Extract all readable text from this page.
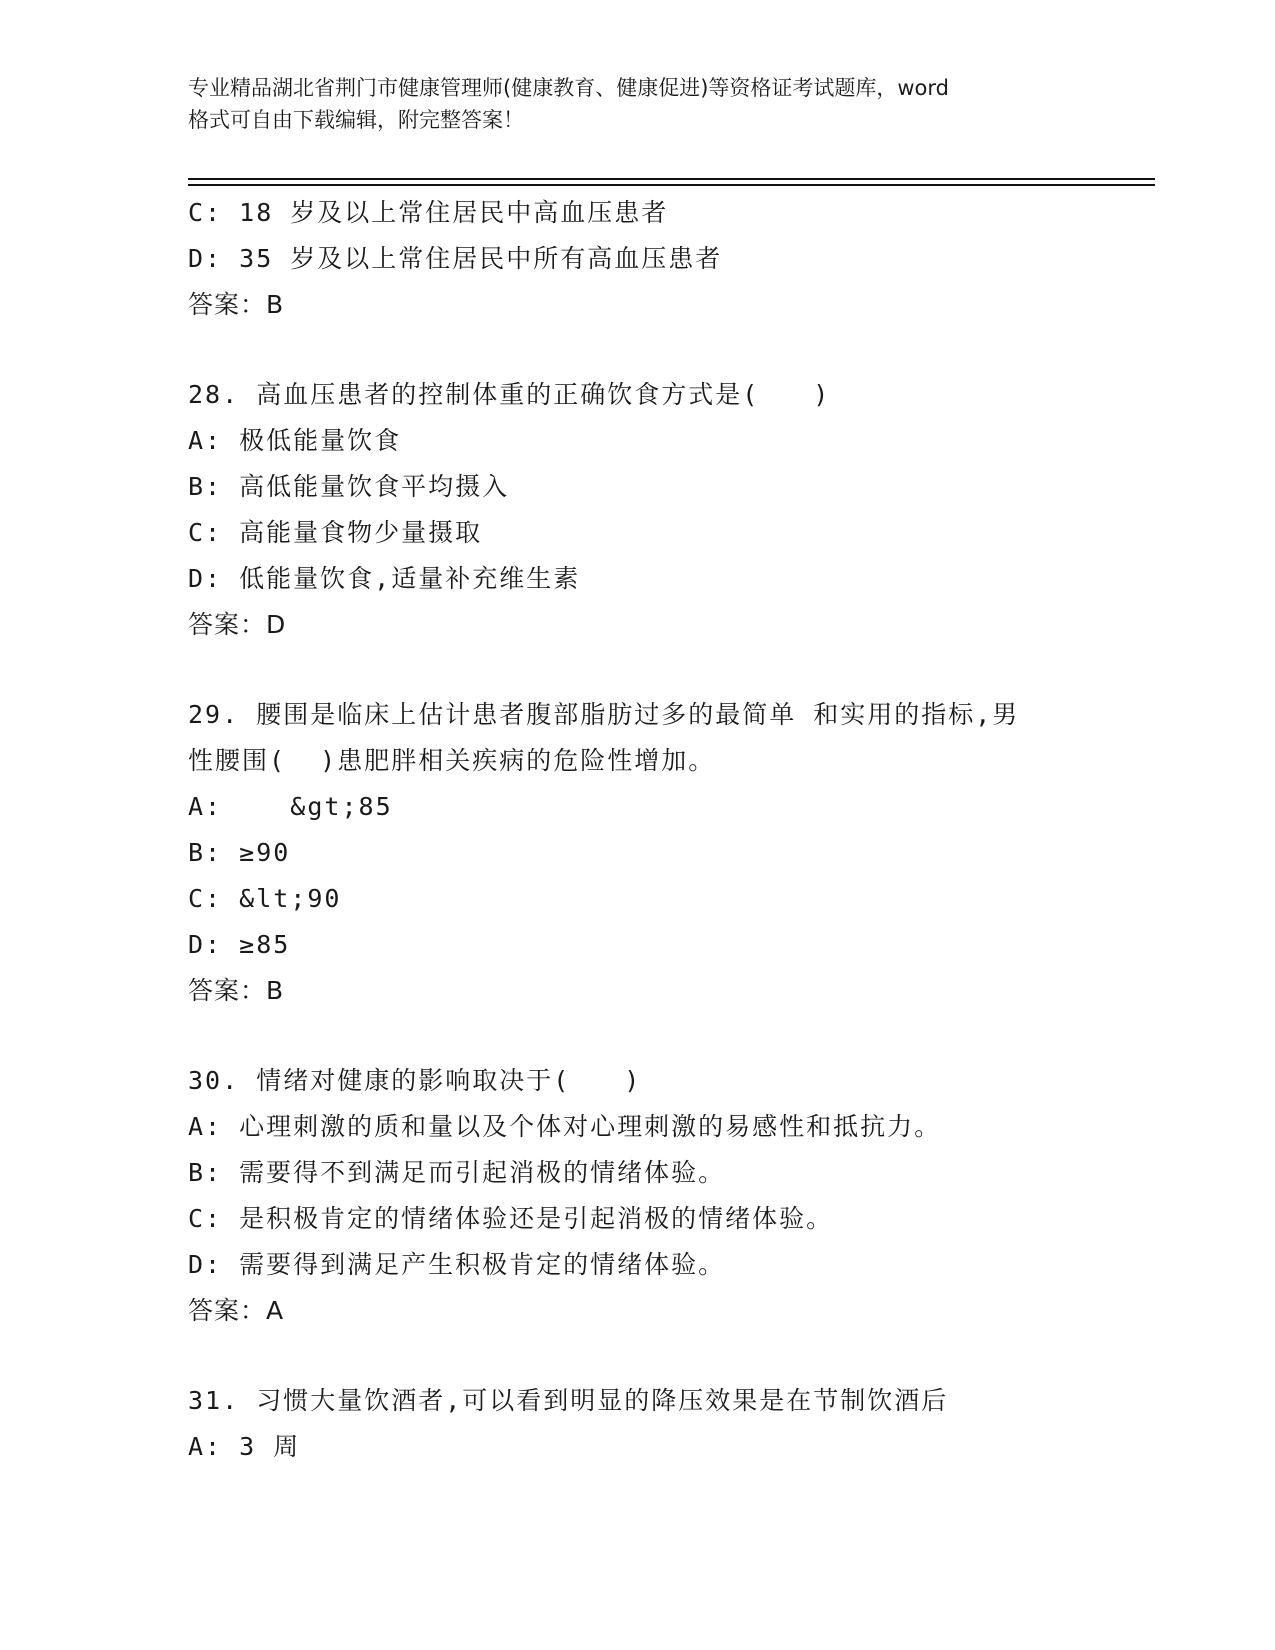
专业精品湖北省荆门市健康管理师(健康教育、健康促进)等资格证考试题库，word
格式可自由下载编辑，附完整答案！
C: 18 岁及以上常住居民中高血压患者
D: 35 岁及以上常住居民中所有高血压患者
答案：B
28. 高血压患者的控制体重的正确饮食方式是(　　)
A: 极低能量饮食
B: 高低能量饮食平均摄入
C: 高能量食物少量摄取
D: 低能量饮食,适量补充维生素
答案：D
29. 腰围是临床上估计患者腹部脂肪过多的最简单 和实用的指标,男
性腰围(  )患肥胖相关疾病的危险性增加。
A:    &gt;85
B: ≥90
C: &lt;90
D: ≥85
答案：B
30. 情绪对健康的影响取决于(　　)
A: 心理刺激的质和量以及个体对心理刺激的易感性和抵抗力。
B: 需要得不到满足而引起消极的情绪体验。
C: 是积极肯定的情绪体验还是引起消极的情绪体验。
D: 需要得到满足产生积极肯定的情绪体验。
答案：A
31. 习惯大量饮酒者,可以看到明显的降压效果是在节制饮酒后
A: 3 周
